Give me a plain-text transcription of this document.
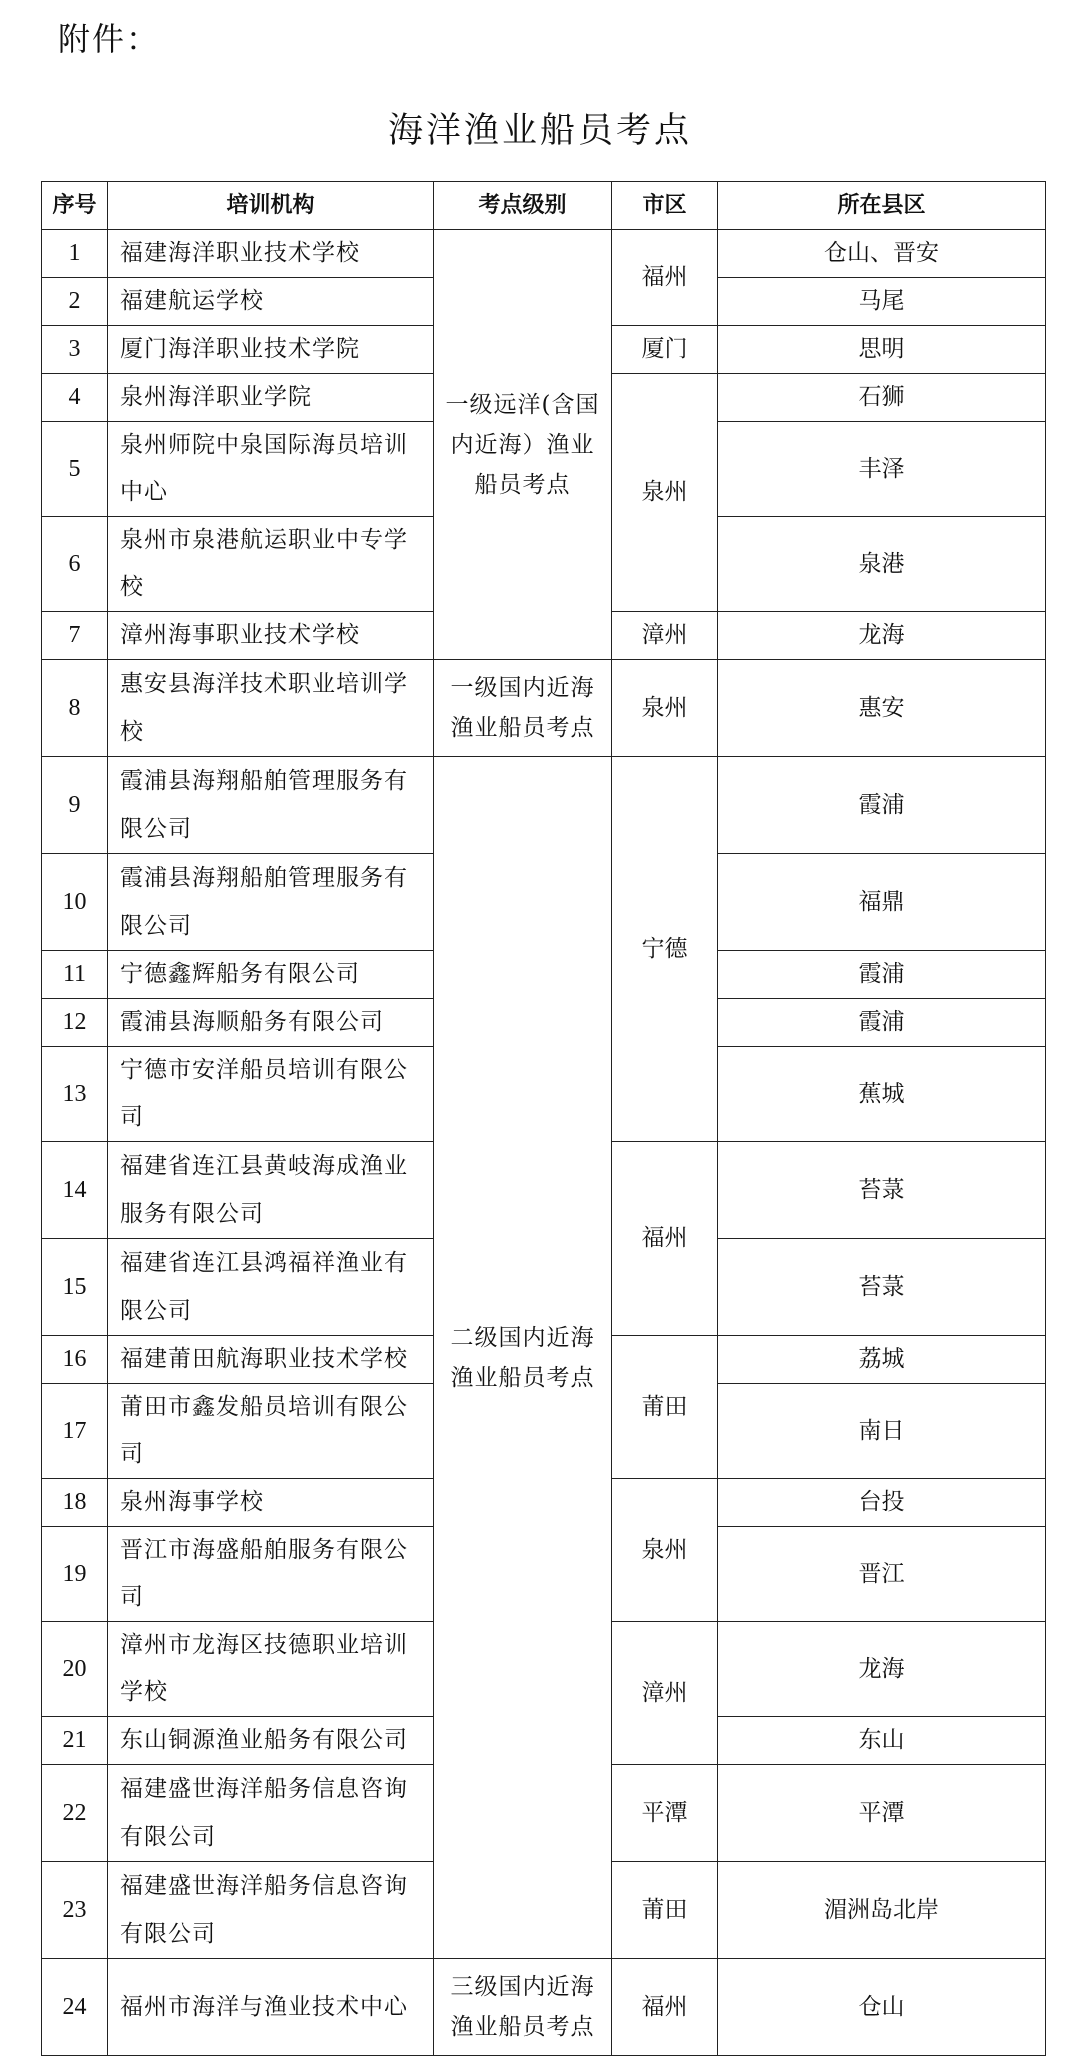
附件：
海洋渔业船员考点
序号	培训机构	考点级别	市区	所在县区
1	福建海洋职业技术学校	一级远洋(含国内近海）渔业船员考点	福州	仓山、晋安
2	福建航运学校			马尾
3	厦门海洋职业技术学院		厦门	思明
4	泉州海洋职业学院		泉州	石狮
5	泉州师院中泉国际海员培训中心			丰泽
6	泉州市泉港航运职业中专学校			泉港
7	漳州海事职业技术学校		漳州	龙海
8	惠安县海洋技术职业培训学校	一级国内近海渔业船员考点	泉州	惠安
9	霞浦县海翔船舶管理服务有限公司	二级国内近海渔业船员考点	宁德	霞浦
10	霞浦县海翔船舶管理服务有限公司			福鼎
11	宁德鑫辉船务有限公司			霞浦
12	霞浦县海顺船务有限公司			霞浦
13	宁德市安洋船员培训有限公司			蕉城
14	福建省连江县黄岐海成渔业服务有限公司		福州	苔菉
15	福建省连江县鸿福祥渔业有限公司			苔菉
16	福建莆田航海职业技术学校		莆田	荔城
17	莆田市鑫发船员培训有限公司			南日
18	泉州海事学校		泉州	台投
19	晋江市海盛船舶服务有限公司			晋江
20	漳州市龙海区技德职业培训学校		漳州	龙海
21	东山铜源渔业船务有限公司			东山
22	福建盛世海洋船务信息咨询有限公司		平潭	平潭
23	福建盛世海洋船务信息咨询有限公司		莆田	湄洲岛北岸
24	福州市海洋与渔业技术中心	三级国内近海渔业船员考点	福州	仓山
